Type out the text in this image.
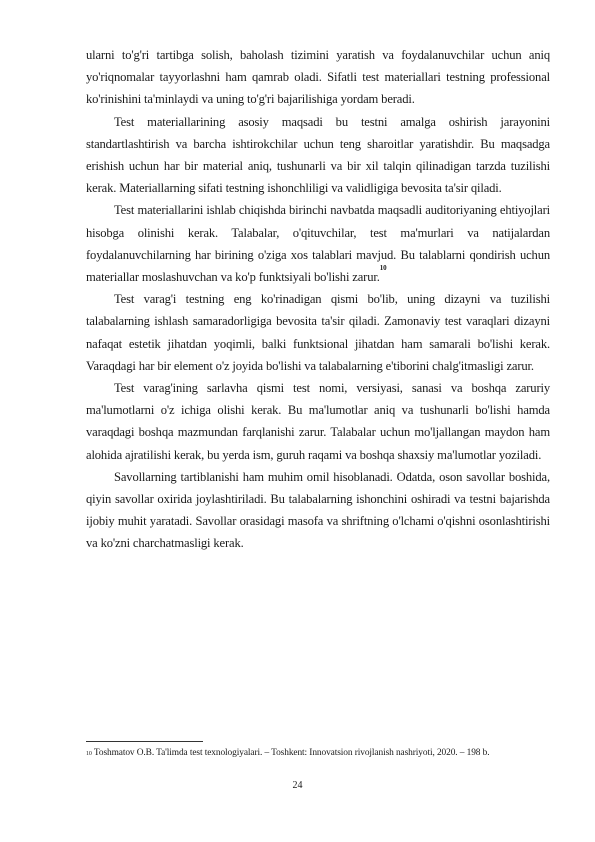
ularni to'g'ri tartibga solish, baholash tizimini yaratish va foydalanuvchilar uchun aniq yo'riqnomalar tayyorlashni ham qamrab oladi. Sifatli test materiallari testning professional ko'rinishini ta'minlaydi va uning to'g'ri bajarilishiga yordam beradi.

Test materiallarining asosiy maqsadi bu testni amalga oshirish jarayonini standartlashtirish va barcha ishtirokchilar uchun teng sharoitlar yaratishdir. Bu maqsadga erishish uchun har bir material aniq, tushunarli va bir xil talqin qilinadigan tarzda tuzilishi kerak. Materiallarning sifati testning ishonchliligi va validligiga bevosita ta'sir qiladi.

Test materiallarini ishlab chiqishda birinchi navbatda maqsadli auditoriyaning ehtiyojlari hisobga olinishi kerak. Talabalar, o'qituvchilar, test ma'murlari va natijalardan foydalanuvchilarning har birining o'ziga xos talablari mavjud. Bu talablarni qondirish uchun materiallar moslashuvchan va ko'p funktsiyali bo'lishi zarur.$^{10}$

Test varag'i testning eng ko'rinadigan qismi bo'lib, uning dizayni va tuzilishi talabalarning ishlash samaradorligiga bevosita ta'sir qiladi. Zamonaviy test varaqlari dizayni nafaqat estetik jihatdan yoqimli, balki funktsional jihatdan ham samarali bo'lishi kerak. Varaqdagi har bir element o'z joyida bo'lishi va talabalarning e'tiborini chalg'itmasligi zarur.

Test varag'ining sarlavha qismi test nomi, versiyasi, sanasi va boshqa zaruriy ma'lumotlarni o'z ichiga olishi kerak. Bu ma'lumotlar aniq va tushunarli bo'lishi hamda varaqdagi boshqa mazmundan farqlanishi zarur. Talabalar uchun mo'ljallangan maydon ham alohida ajratilishi kerak, bu yerda ism, guruh raqami va boshqa shaxsiy ma'lumotlar yoziladi.

Savollarning tartiblanishi ham muhim omil hisoblanadi. Odatda, oson savollar boshida, qiyin savollar oxirida joylashtiriladi. Bu talabalarning ishonchini oshiradi va testni bajarishda ijobiy muhit yaratadi. Savollar orasidagi masofa va shriftning o'lchami o'qishni osonlashtirishi va ko'zni charchatmasligi kerak.

$^{10}$ Toshmatov O.B. Ta'limda test texnologiyalari. – Toshkent: Innovatsion rivojlanish nashriyoti, 2020. – 198 b.
24
